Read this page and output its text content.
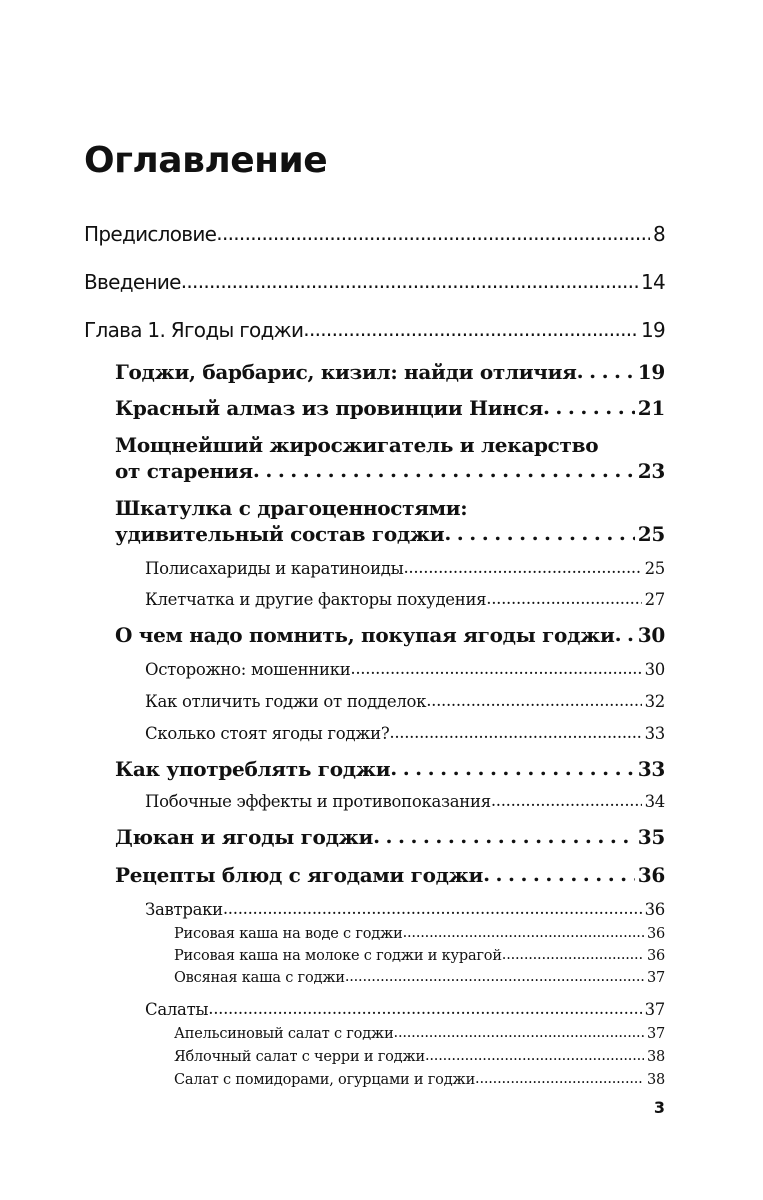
Оглавление
Предисловие .....	8
Введение .....	14
Глава 1. Ягоды годжи .....	19
Годжи, барбарис, кизил: найди отличия .....	19
Красный алмаз из провинции Нинся .....	21
Мощнейший жиросжигатель и лекарство
от старения .....	23
Шкатулка с драгоценностями:
удивительный состав годжи .....	25
Полисахариды и каратиноиды .....	25
Клетчатка и другие факторы похудения .....	27
О чем надо помнить, покупая ягоды годжи ..... 30
Осторожно: мошенники .....	30
Как отличить годжи от подделок .....	32
Сколько стоят ягоды годжи? .....	33
Как употреблять годжи .....	33
Побочные эффекты и противопоказания .....	34
Дюкан и ягоды годжи .....	35
Рецепты блюд с ягодами годжи .....	36
Завтраки .....	36
Рисовая каша на воде с годжи .....	36
Рисовая каша на молоке с годжи и курагой .....	36
Овсяная каша с годжи .....	37
Салаты .....	37
Апельсиновый салат с годжи .....	37
Яблочный салат с черри и годжи .....	38
Салат с помидорами, огурцами и годжи .....	38
3
